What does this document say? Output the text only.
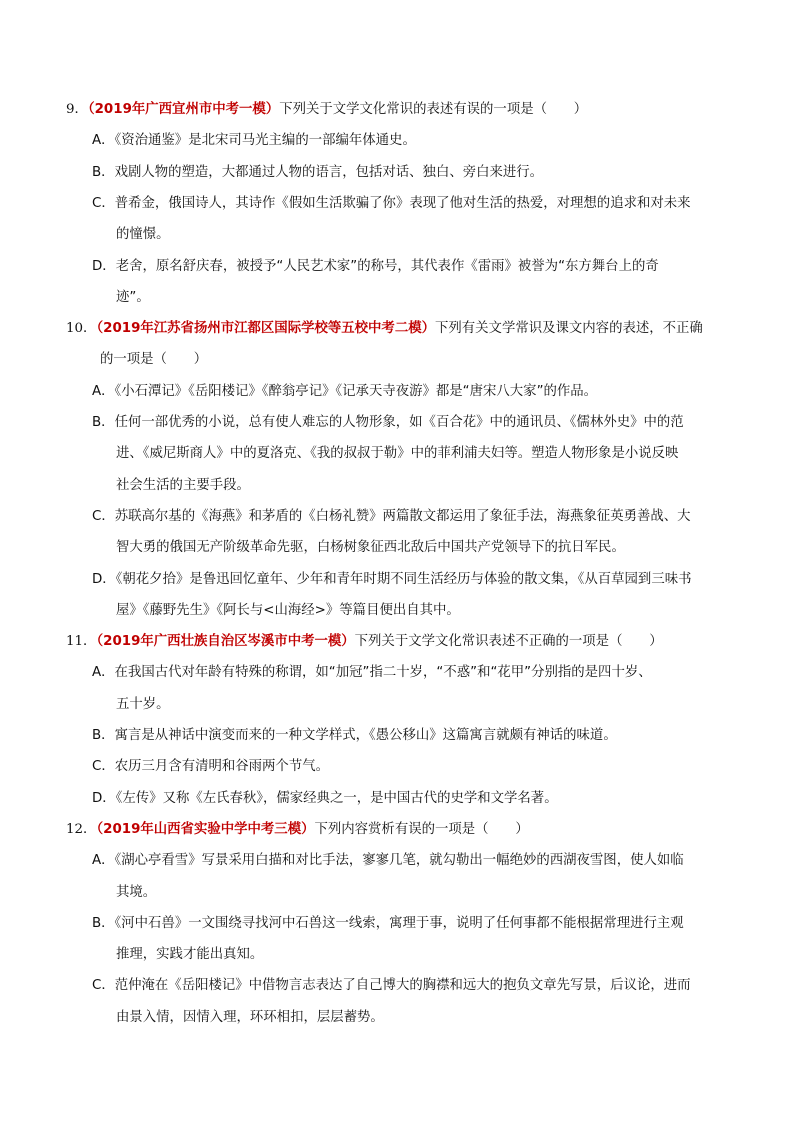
9．（2019年广西宜州市中考一模）下列关于文学文化常识的表述有误的一项是（　　）
A．《资治通鉴》是北宋司马光主编的一部编年体通史。
B．戏剧人物的塑造，大都通过人物的语言，包括对话、独白、旁白来进行。
C．普希金，俄国诗人，其诗作《假如生活欺骗了你》表现了他对生活的热爱，对理想的追求和对未来
的憧憬。
D．老舍，原名舒庆春，被授予“人民艺术家”的称号，其代表作《雷雨》被誉为“东方舞台上的奇
迹”。
10．（2019年江苏省扬州市江都区国际学校等五校中考二模）下列有关文学常识及课文内容的表述，不正确
的一项是（　　）
A．《小石潭记》《岳阳楼记》《醉翁亭记》《记承天寺夜游》都是“唐宋八大家”的作品。
B．任何一部优秀的小说，总有使人难忘的人物形象，如《百合花》中的通讯员、《儒林外史》中的范
进、《威尼斯商人》中的夏洛克、《我的叔叔于勒》中的菲利浦夫妇等。塑造人物形象是小说反映
社会生活的主要手段。
C．苏联高尔基的《海燕》和茅盾的《白杨礼赞》两篇散文都运用了象征手法，海燕象征英勇善战、大
智大勇的俄国无产阶级革命先驱，白杨树象征西北敌后中国共产党领导下的抗日军民。
D．《朝花夕拾》是鲁迅回忆童年、少年和青年时期不同生活经历与体验的散文集，《从百草园到三味书
屋》《藤野先生》《阿长与<山海经>》等篇目便出自其中。
11．（2019年广西壮族自治区岑溪市中考一模）下列关于文学文化常识表述不正确的一项是（　　）
A．在我国古代对年龄有特殊的称谓，如“加冠”指二十岁，“不惑”和“花甲”分别指的是四十岁、
五十岁。
B．寓言是从神话中演变而来的一种文学样式，《愚公移山》这篇寓言就颇有神话的味道。
C．农历三月含有清明和谷雨两个节气。
D．《左传》又称《左氏春秋》，儒家经典之一，是中国古代的史学和文学名著。
12．（2019年山西省实验中学中考三模）下列内容赏析有误的一项是（　　）
A．《湖心亭看雪》写景采用白描和对比手法，寥寥几笔，就勾勒出一幅绝妙的西湖夜雪图，使人如临
其境。
B．《河中石兽》一文围绕寻找河中石兽这一线索，寓理于事，说明了任何事都不能根据常理进行主观
推理，实践才能出真知。
C．范仲淹在《岳阳楼记》中借物言志表达了自己博大的胸襟和远大的抱负文章先写景，后议论，进而
由景入情，因情入理，环环相扣，层层蓄势。
